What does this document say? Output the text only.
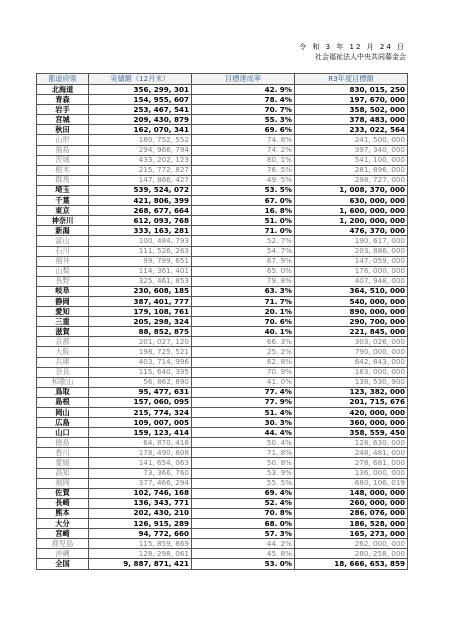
令 和 3 年 12 月 24 日
社会福祉法人中央共同募金会
都道府県	実績額（12月末）	目標達成率	R3年度目標額
北海道	356, 299, 301	42. 9%	830, 015, 250
青森	154, 955, 607	78. 4%	197, 670, 000
岩手	253, 467, 541	70. 7%	358, 502, 000
宮城	209, 430, 879	55. 3%	378, 483, 000
秋田	162, 070, 341	69. 6%	233, 022, 564
山形	180, 752, 552	74. 8%	241, 500, 000
福島	294, 966, 794	74. 2%	397, 340, 000
茨城	433, 202, 123	80. 1%	541, 100, 000
栃木	215, 772, 827	76. 5%	281, 896, 000
群馬	147, 866, 427	49. 5%	298, 727, 000
埼玉	539, 524, 072	53. 5%	1, 008, 370, 000
千葉	421, 806, 399	67. 0%	630, 000, 000
東京	268, 677, 664	16. 8%	1, 600, 000, 000
神奈川	612, 093, 768	51. 0%	1, 200, 000, 000
新潟	333, 163, 281	71. 0%	476, 370, 000
富山	100, 484, 793	52. 7%	190, 617, 000
石川	111, 526, 263	54. 7%	203, 886, 000
福井	99, 799, 651	67. 9%	147, 059, 000
山梨	114, 361, 401	65. 0%	176, 000, 000
長野	325, 461, 853	79. 8%	407, 948, 000
岐阜	230, 608, 185	63. 3%	364, 510, 000
静岡	387, 401, 777	71. 7%	540, 000, 000
愛知	179, 108, 761	20. 1%	890, 000, 000
三重	205, 298, 324	70. 6%	290, 700, 000
滋賀	88, 852, 875	40. 1%	221, 845, 000
京都	201, 027, 120	66. 3%	303, 026, 000
大阪	198, 725, 521	25. 2%	790, 000, 000
兵庫	403, 714, 996	62. 8%	642, 843, 000
奈良	115, 640, 395	70. 9%	163, 000, 000
和歌山	56, 862, 890	41. 0%	138, 530, 900
鳥取	95, 477, 631	77. 4%	123, 382, 000
島根	157, 060, 095	77. 9%	201, 715, 676
岡山	215, 774, 324	51. 4%	420, 000, 000
広島	109, 007, 005	30. 3%	360, 000, 000
山口	159, 123, 414	44. 4%	358, 559, 450
徳島	64, 870, 418	50. 4%	128, 630, 000
香川	178, 490, 808	71. 8%	248, 481, 000
愛媛	141, 654, 063	50. 8%	278, 681, 000
高知	73, 366, 760	53. 9%	136, 000, 000
福岡	377, 466, 294	55. 5%	680, 106, 019
佐賀	102, 746, 168	69. 4%	148, 000, 000
長崎	136, 343, 771	52. 4%	260, 000, 000
熊本	202, 430, 210	70. 8%	286, 076, 000
大分	126, 915, 289	68. 0%	186, 528, 000
宮崎	94, 772, 660	57. 3%	165, 273, 000
鹿児島	115, 859, 869	44. 2%	262, 000, 000
沖縄	128, 298, 061	45. 8%	280, 258, 000
全国	9, 887, 871, 421	53. 0%	18, 666, 653, 859
